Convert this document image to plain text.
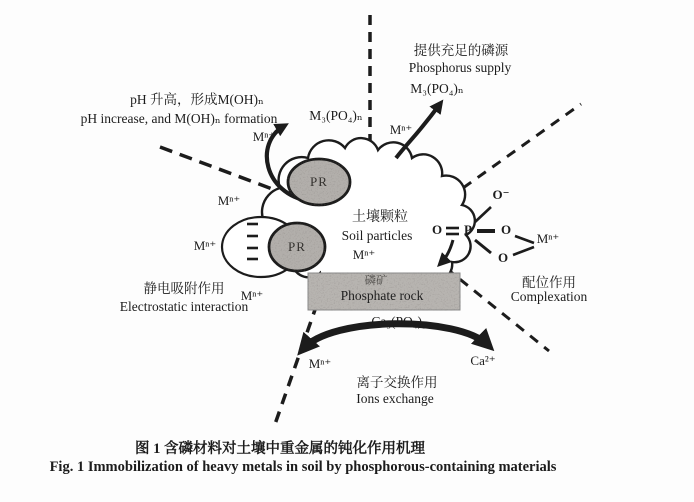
pH 升高，形成M(OH)ₙ
pH increase, and M(OH)ₙ formation
提供充足的磷源
Phosphorus supply
M₃(PO₄)ₙ
M₃(PO₄)ₙ
Mⁿ⁺	Mⁿ⁺
Mⁿ⁺
Mⁿ⁺
Mⁿ⁺
Mⁿ⁺
Mⁿ⁺
Mⁿ⁺
土壤颗粒
Soil particles
PR
PR
磷矿
Phosphate rock
静电吸附作用
Electrostatic interaction
配位作用
Complexation
Ca₃(PO₄)₂
Ca²⁺
离子交换作用
Ions exchange
O⁻
O P O
O
图 1 含磷材料对土壤中重金属的钝化作用机理
Fig. 1 Immobilization of heavy metals in soil by phosphorous-containing materials
